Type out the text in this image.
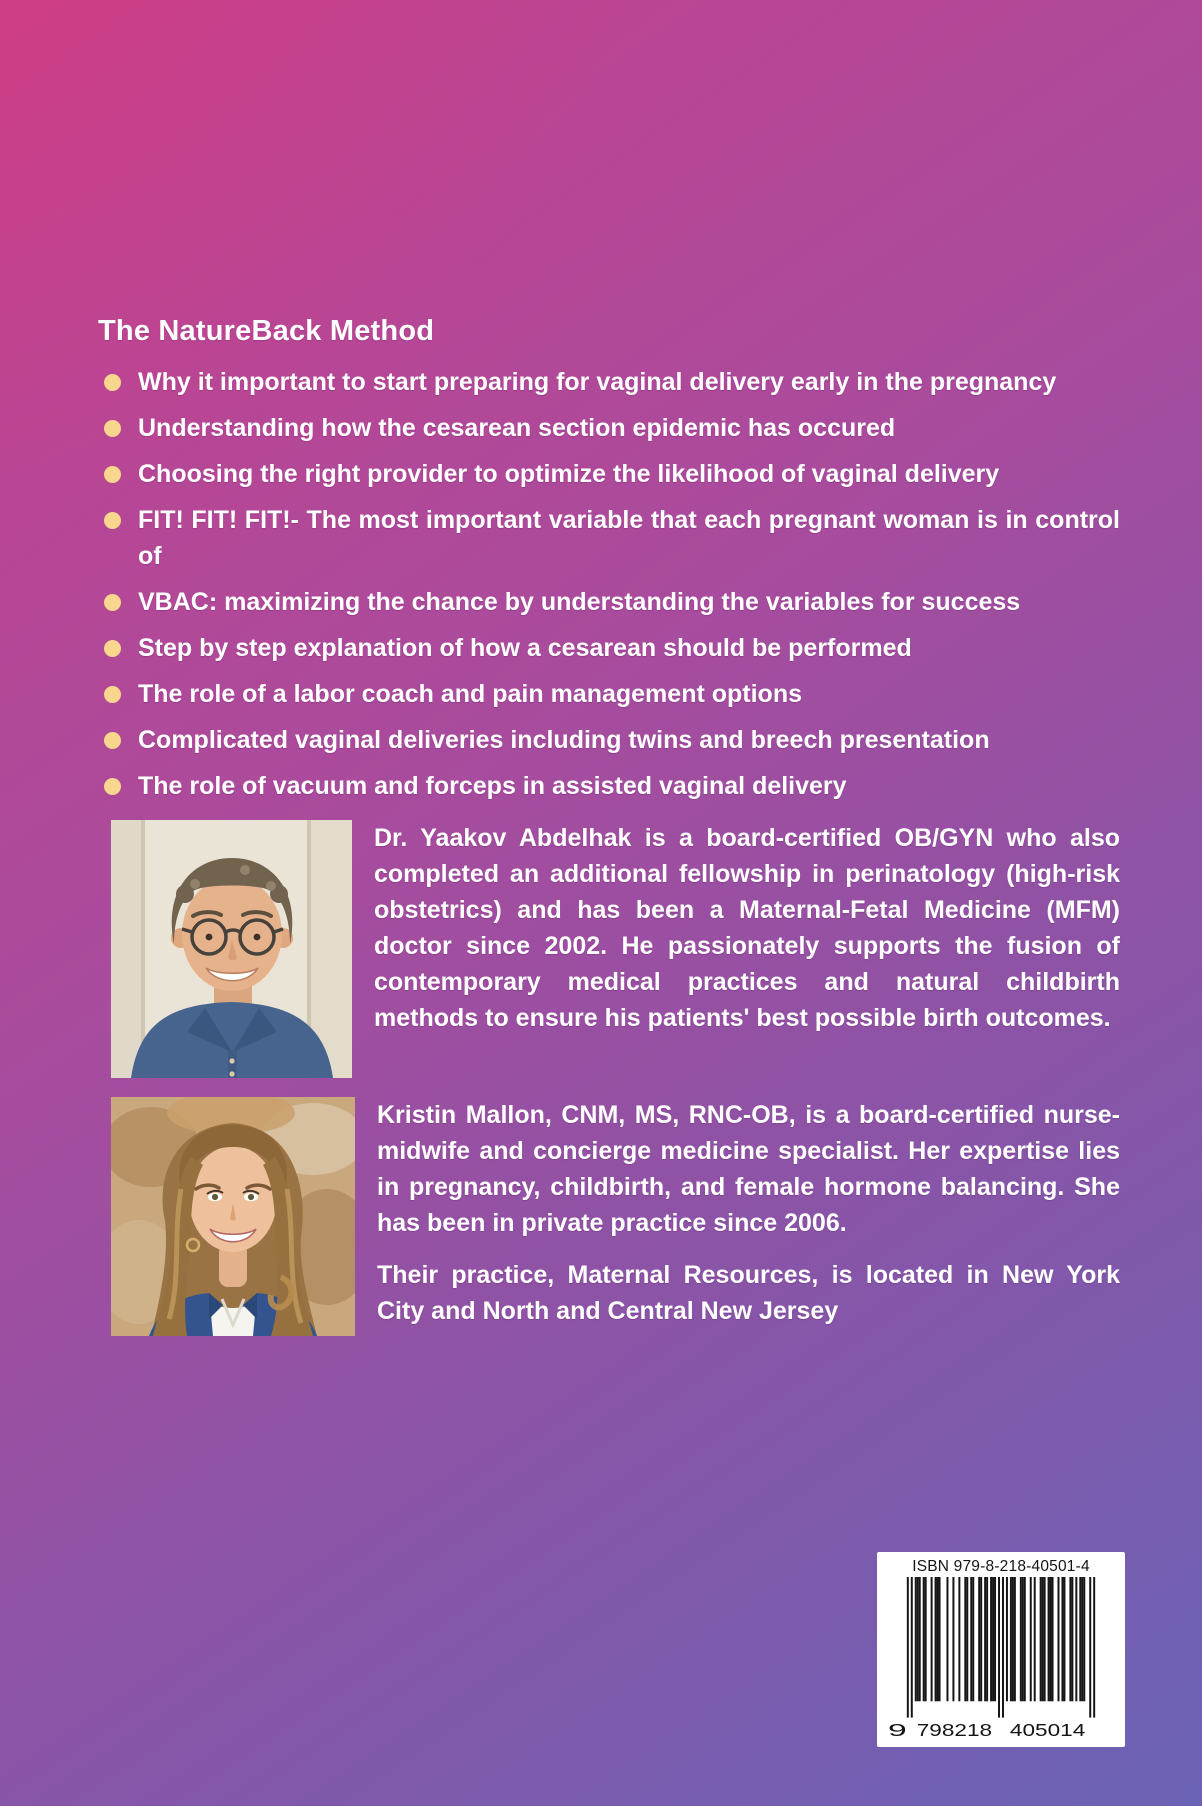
The NatureBack Method
Why it important to start preparing for vaginal delivery early in the pregnancy
Understanding how the cesarean section epidemic has occured
Choosing the right provider to optimize the likelihood of vaginal delivery
FIT! FIT! FIT!- The most important variable that each pregnant woman is in control of
VBAC: maximizing the chance by understanding the variables for success
Step by step explanation of how a cesarean should be performed
The role of a labor coach and pain management options
Complicated vaginal deliveries including twins and breech presentation
The role of vacuum and forceps in assisted vaginal delivery

Dr. Yaakov Abdelhak is a board-certified OB/GYN who also completed an additional fellowship in perinatology (high-risk obstetrics) and has been a Maternal-Fetal Medicine (MFM) doctor since 2002. He passionately supports the fusion of contemporary medical practices and natural childbirth methods to ensure his patients' best possible birth outcomes.

Kristin Mallon, CNM, MS, RNC-OB, is a board-certified nurse-midwife and concierge medicine specialist. Her expertise lies in pregnancy, childbirth, and female hormone balancing. She has been in private practice since 2006.

Their practice, Maternal Resources, is located in New York City and North and Central New Jersey

ISBN 979-8-218-40501-4
9 798218 405014
